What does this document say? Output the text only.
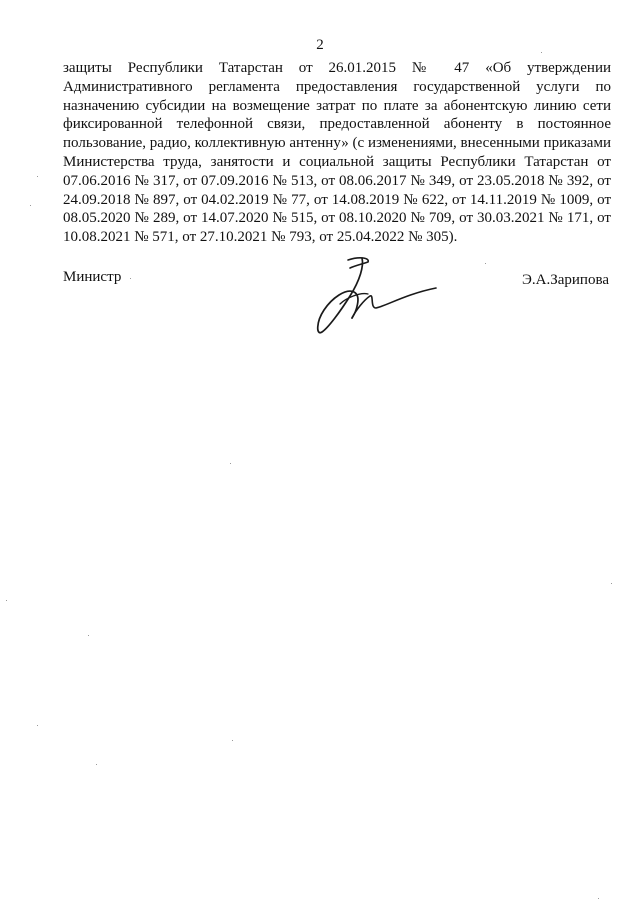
2
защиты Республики Татарстан от 26.01.2015 № 47 «Об утверждении
Административного регламента предоставления государственной услуги по
назначению субсидии на возмещение затрат по плате за абонентскую линию сети
фиксированной телефонной связи, предоставленной абоненту в постоянное
пользование, радио, коллективную антенну» (с изменениями, внесенными приказами
Министерства труда, занятости и социальной защиты Республики Татарстан от
07.06.2016 № 317, от 07.09.2016 № 513, от 08.06.2017 № 349, от 23.05.2018 № 392, от
24.09.2018 № 897, от 04.02.2019 № 77, от 14.08.2019 № 622, от 14.11.2019 № 1009, от
08.05.2020 № 289, от 14.07.2020 № 515, от 08.10.2020 № 709, от 30.03.2021 № 171, от
10.08.2021 № 571, от 27.10.2021 № 793, от 25.04.2022 № 305).
Министр	Э.А.Зарипова
